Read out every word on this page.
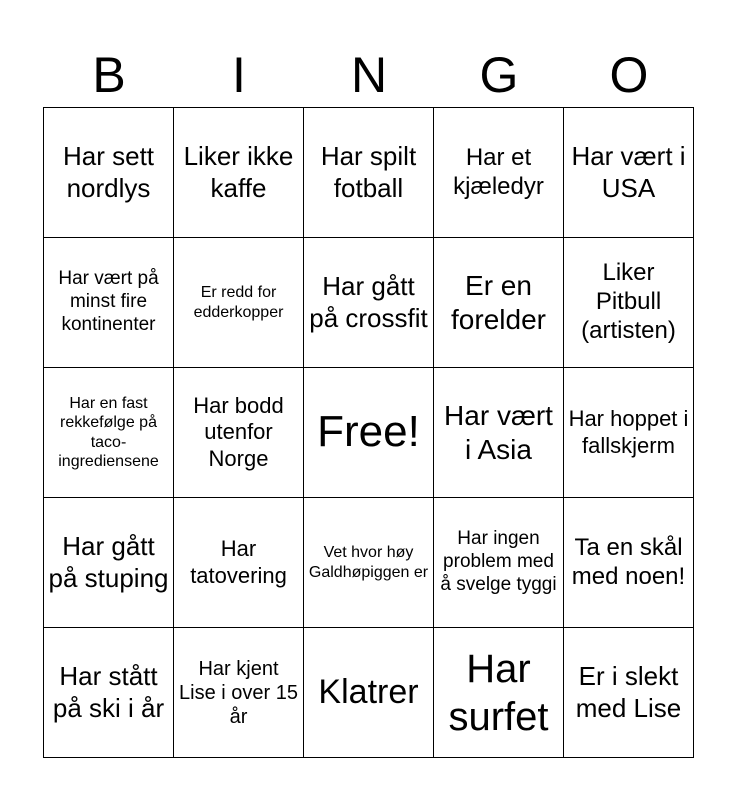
B	I	N	G	O
Har sett nordlys	Liker ikke kaffe	Har spilt fotball	Har et kjæledyr	Har vært i USA
Har vært på minst fire kontinenter	Er redd for edderkopper	Har gått på crossfit	Er en forelder	Liker Pitbull (artisten)
Har en fast rekkefølge på taco-ingrediensene	Har bodd utenfor Norge	Free!	Har vært i Asia	Har hoppet i fallskjerm
Har gått på stuping	Har tatovering	Vet hvor høy Galdhøpiggen er	Har ingen problem med å svelge tyggi	Ta en skål med noen!
Har stått på ski i år	Har kjent Lise i over 15 år	Klatrer	Har surfet	Er i slekt med Lise
